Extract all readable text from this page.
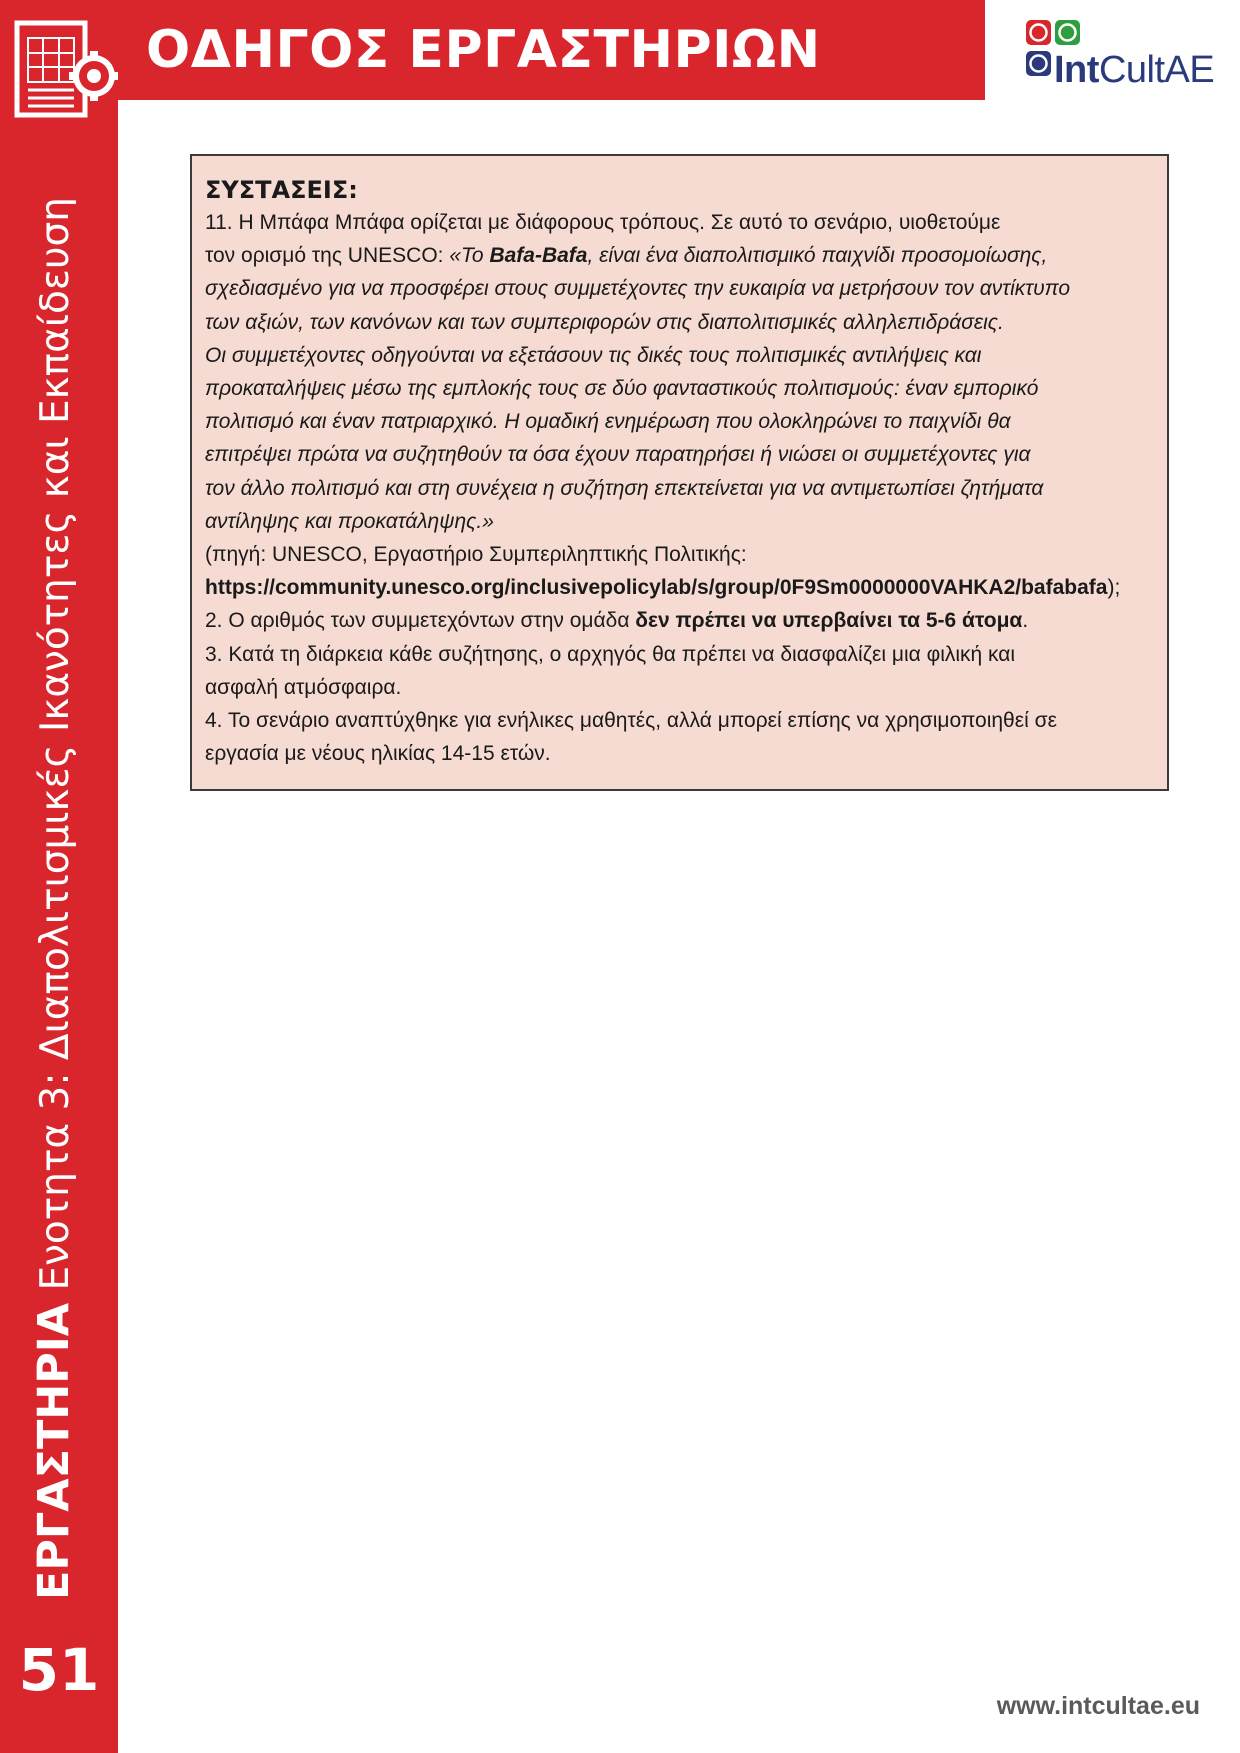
ΟΔΗΓΟΣ ΕΡΓΑΣΤΗΡΙΩΝ
ΕΡΓΑΣΤΗΡΙΑ Ενοτητα 3: Διαπολιτισμικές Ικανότητες και Εκπαίδευση
51
IntCultAE
ΣΥΣΤΑΣΕΙΣ:

11. Η Μπάφα Μπάφα ορίζεται με διάφορους τρόπους. Σε αυτό το σενάριο, υιοθετούμε

τον ορισμό της UNESCO: «Το Bafa-Bafa, είναι ένα διαπολιτισμικό παιχνίδι προσομοίωσης,

σχεδιασμένο για να προσφέρει στους συμμετέχοντες την ευκαιρία να μετρήσουν τον αντίκτυπο

των αξιών, των κανόνων και των συμπεριφορών στις διαπολιτισμικές αλληλεπιδράσεις.

Οι συμμετέχοντες οδηγούνται να εξετάσουν τις δικές τους πολιτισμικές αντιλήψεις και

προκαταλήψεις μέσω της εμπλοκής τους σε δύο φανταστικούς πολιτισμούς: έναν εμπορικό

πολιτισμό και έναν πατριαρχικό. Η ομαδική ενημέρωση που ολοκληρώνει το παιχνίδι θα

επιτρέψει πρώτα να συζητηθούν τα όσα έχουν παρατηρήσει ή νιώσει οι συμμετέχοντες για

τον άλλο πολιτισμό και στη συνέχεια η συζήτηση επεκτείνεται για να αντιμετωπίσει ζητήματα

αντίληψης και προκατάληψης.»

(πηγή: UNESCO, Εργαστήριο Συμπεριληπτικής Πολιτικής:

https://community.unesco.org/inclusivepolicylab/s/group/0F9Sm0000000VAHKA2/bafabafa);

2. Ο αριθμός των συμμετεχόντων στην ομάδα δεν πρέπει να υπερβαίνει τα 5-6 άτομα.

3. Κατά τη διάρκεια κάθε συζήτησης, ο αρχηγός θα πρέπει να διασφαλίζει μια φιλική και

ασφαλή ατμόσφαιρα.

4. Το σενάριο αναπτύχθηκε για ενήλικες μαθητές, αλλά μπορεί επίσης να χρησιμοποιηθεί σε

εργασία με νέους ηλικίας 14-15 ετών.

www.intcultae.eu
